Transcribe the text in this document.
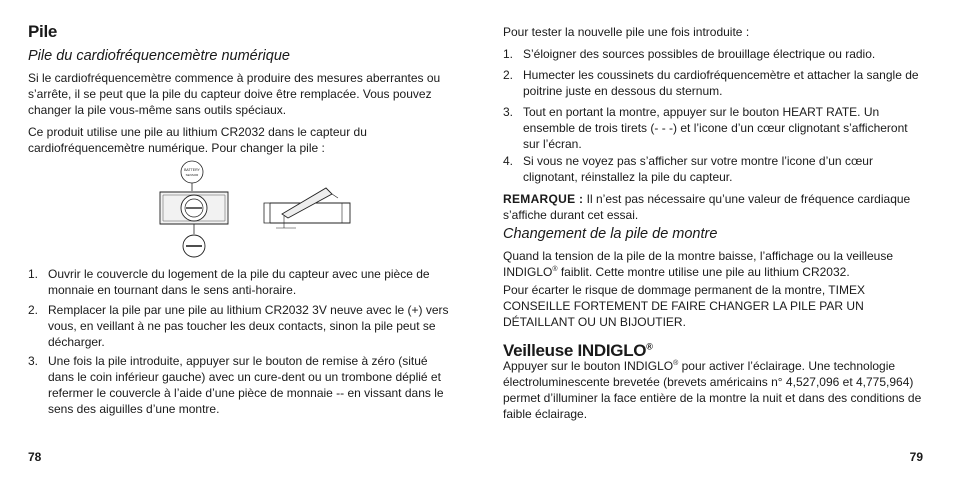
Pile
Pile du cardiofréquencemètre numérique

Si le cardiofréquencemètre commence à produire des mesures aberrantes ou s’arrête, il se peut que la pile du capteur doive être remplacée. Vous pouvez changer la pile vous-même sans outils spéciaux.

Ce produit utilise une pile au lithium CR2032 dans le capteur du cardiofréquencemètre numérique. Pour changer la pile :

BATTERY
SENSOR
1. Ouvrir le couvercle du logement de la pile du capteur avec une pièce de monnaie en tournant dans le sens anti-horaire.
2. Remplacer la pile par une pile au lithium CR2032 3V neuve avec le (+) vers vous, en veillant à ne pas toucher les deux contacts, sinon la pile peut se décharger.
3. Une fois la pile introduite, appuyer sur le bouton de remise à zéro (situé dans le coin inférieur gauche) avec un cure-dent ou un trombone déplié et refermer le couvercle à l’aide d’une pièce de monnaie -- en vissant dans le sens des aiguilles d’une montre.
78

Pour tester la nouvelle pile une fois introduite :

1. S’éloigner des sources possibles de brouillage électrique ou radio.
2. Humecter les coussinets du cardiofréquencemètre et attacher la sangle de poitrine juste en dessous du sternum.
3. Tout en portant la montre, appuyer sur le bouton HEART RATE. Un ensemble de trois tirets (- - -) et l’icone d’un cœur clignotant s’afficheront sur l’écran.
4. Si vous ne voyez pas s’afficher sur votre montre l’icone d’un cœur clignotant, réinstallez la pile du capteur.

REMARQUE : Il n’est pas nécessaire qu’une valeur de fréquence cardiaque s’affiche durant cet essai.

Changement de la pile de montre

Quand la tension de la pile de la montre baisse, l’affichage ou la veilleuse INDIGLO® faiblit. Cette montre utilise une pile au lithium CR2032.

Pour écarter le risque de dommage permanent de la montre, TIMEX CONSEILLE FORTEMENT DE FAIRE CHANGER LA PILE PAR UN DÉTAILLANT OU UN BIJOUTIER.

Veilleuse INDIGLO®

Appuyer sur le bouton INDIGLO® pour activer l’éclairage. Une technologie électroluminescente brevetée (brevets américains n° 4,527,096 et 4,775,964) permet d’illuminer la face entière de la montre la nuit et dans des conditions de faible éclairage.

79
